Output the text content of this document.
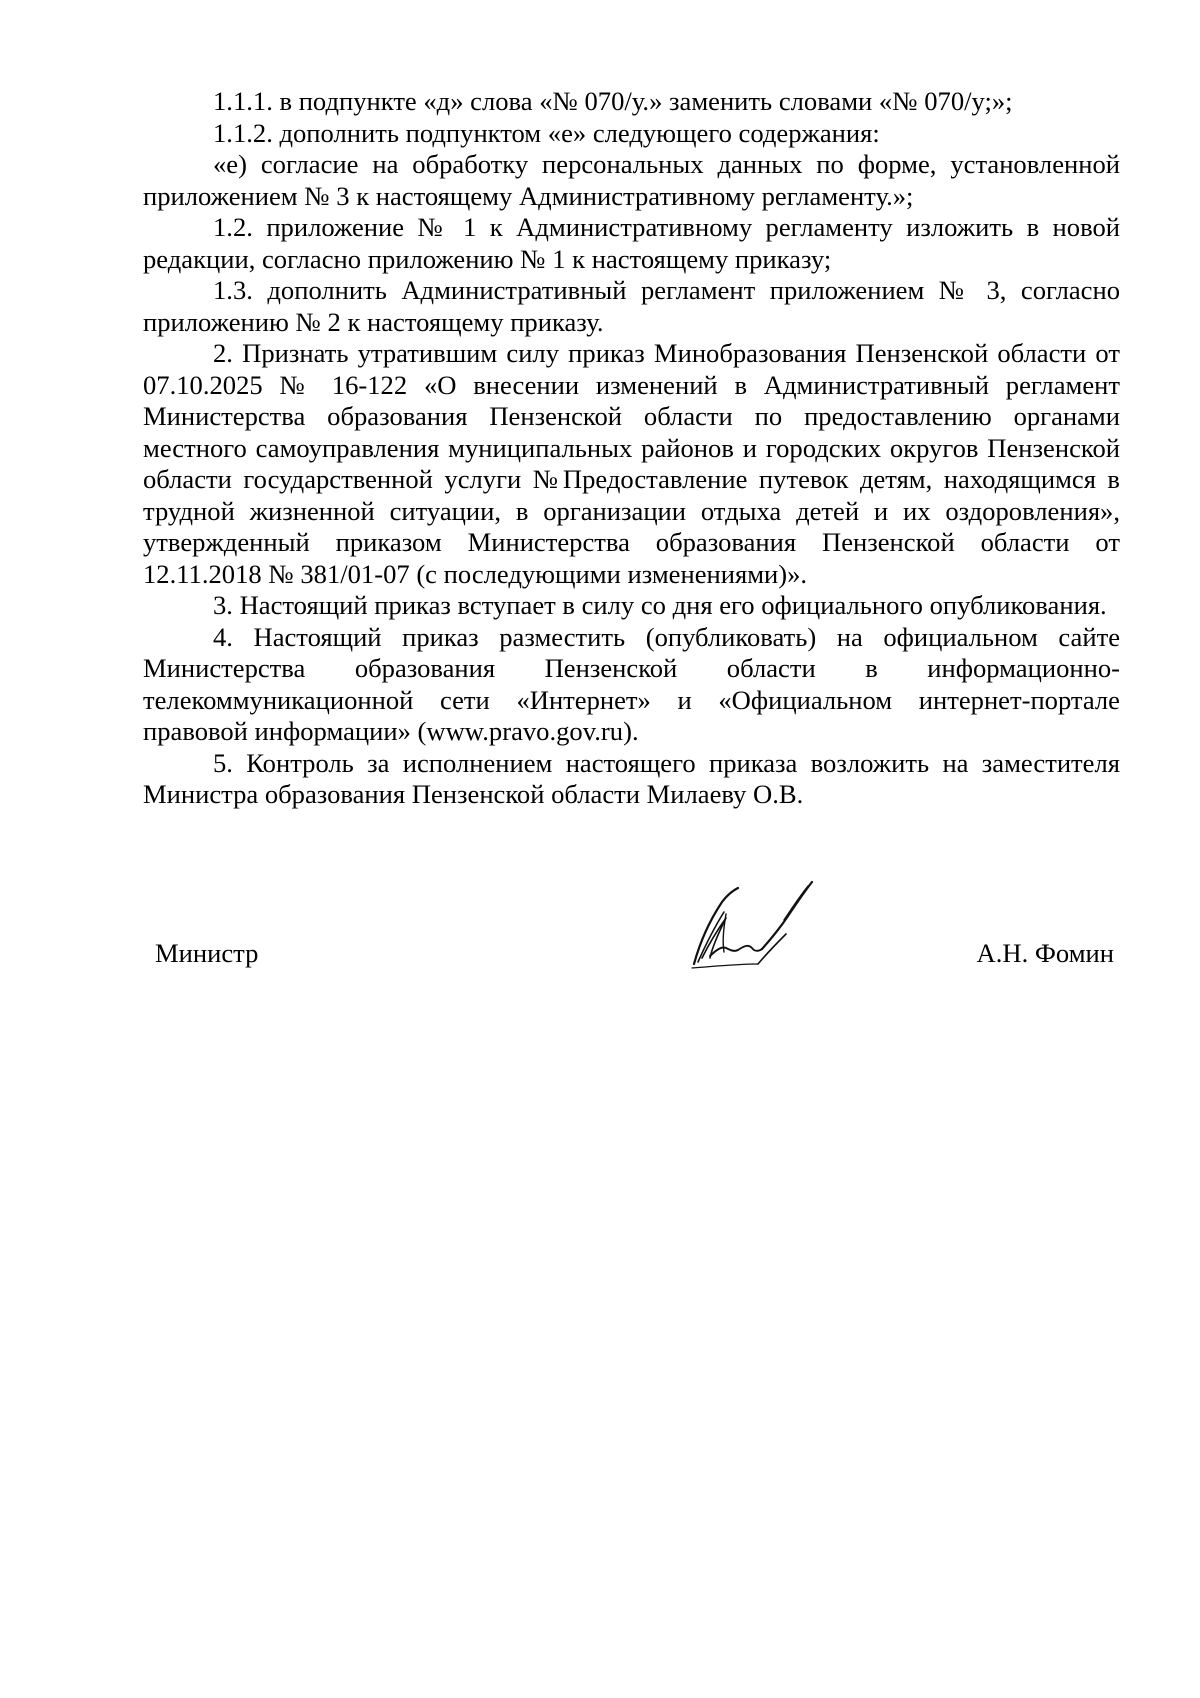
1.1.1. в подпункте «д» слова «№ 070/у.» заменить словами «№ 070/у;»;

1.1.2. дополнить подпунктом «е» следующего содержания:

«е) согласие на обработку персональных данных по форме, установленной приложением № 3 к настоящему Административному регламенту.»;

1.2. приложение № 1 к Административному регламенту изложить в новой редакции, согласно приложению № 1 к настоящему приказу;

1.3. дополнить Административный регламент приложением № 3, согласно приложению № 2 к настоящему приказу.

2. Признать утратившим силу приказ Минобразования Пензенской области от 07.10.2025 № 16-122 «О внесении изменений в Административный регламент Министерства образования Пензенской области по предоставлению органами местного самоуправления муниципальных районов и городских округов Пензенской области государственной услуги №Предоставление путевок детям, находящимся в трудной жизненной ситуации, в организации отдыха детей и их оздоровления», утвержденный приказом Министерства образования Пензенской области от 12.11.2018 № 381/01-07 (с последующими изменениями)».

3. Настоящий приказ вступает в силу со дня его официального опубликования.

4. Настоящий приказ разместить (опубликовать) на официальном сайте Министерства образования Пензенской области в информационно-телекоммуникационной сети «Интернет» и «Официальном интернет-портале правовой информации» (www.pravo.gov.ru).

5. Контроль за исполнением настоящего приказа возложить на заместителя Министра образования Пензенской области Милаеву О.В.

Министр	А.Н. Фомин
